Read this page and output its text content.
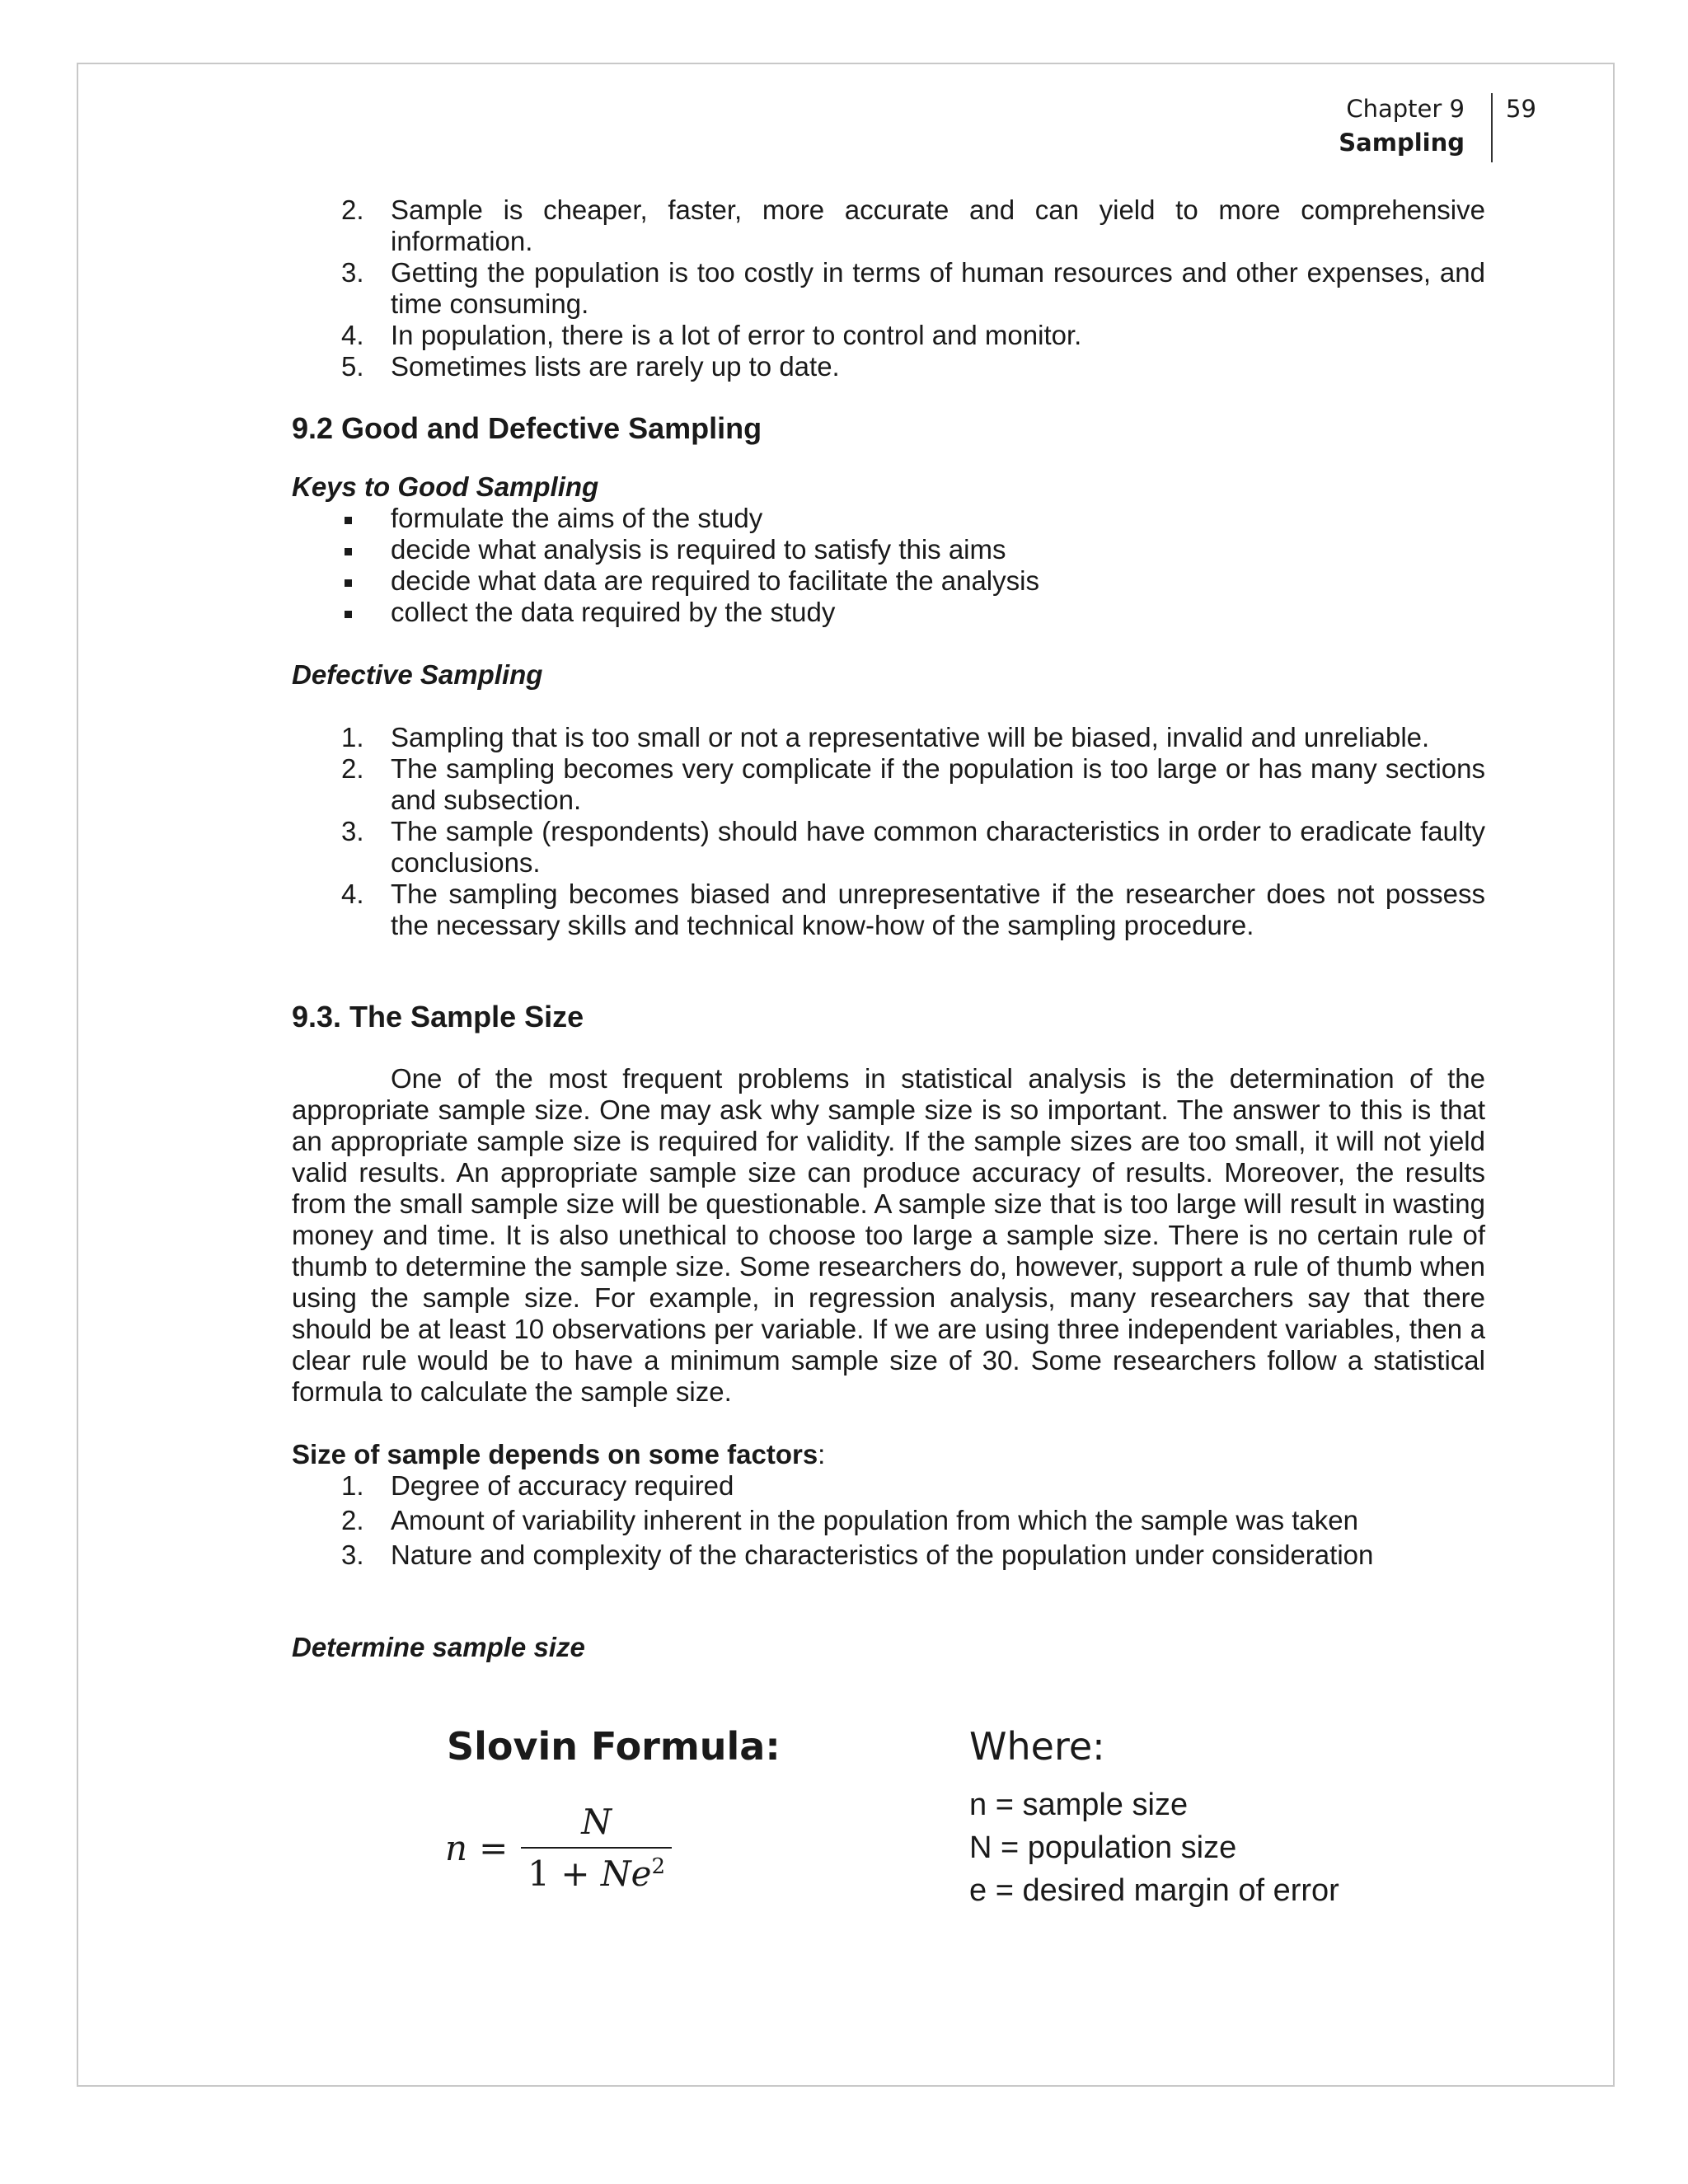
Chapter 9
Sampling
59
2. Sample is cheaper, faster, more accurate and can yield to more comprehensive information.
3. Getting the population is too costly in terms of human resources and other expenses, and time consuming.
4. In population, there is a lot of error to control and monitor.
5. Sometimes lists are rarely up to date.
9.2 Good and Defective Sampling
Keys to Good Sampling
formulate the aims of the study
decide what analysis is required to satisfy this aims
decide what data are required to facilitate the analysis
collect the data required by the study
Defective Sampling
1. Sampling that is too small or not a representative will be biased, invalid and unreliable.
2. The sampling becomes very complicate if the population is too large or has many sections and subsection.
3. The sample (respondents) should have common characteristics in order to eradicate faulty conclusions.
4. The sampling becomes biased and unrepresentative if the researcher does not possess the necessary skills and technical know-how of the sampling procedure.
9.3. The Sample Size

One of the most frequent problems in statistical analysis is the determination of the appropriate sample size. One may ask why sample size is so important. The answer to this is that an appropriate sample size is required for validity. If the sample sizes are too small, it will not yield valid results. An appropriate sample size can produce accuracy of results. Moreover, the results from the small sample size will be questionable. A sample size that is too large will result in wasting money and time. It is also unethical to choose too large a sample size. There is no certain rule of thumb to determine the sample size. Some researchers do, however, support a rule of thumb when using the sample size. For example, in regression analysis, many researchers say that there should be at least 10 observations per variable. If we are using three independent variables, then a clear rule would be to have a minimum sample size of 30. Some researchers follow a statistical formula to calculate the sample size.

Size of sample depends on some factors:
1. Degree of accuracy required
2. Amount of variability inherent in the population from which the sample was taken
3. Nature and complexity of the characteristics of the population under consideration
Determine sample size
Slovin Formula:
$n = \frac{N}{1 + Ne^2}$
Where:
n = sample size
N = population size
e = desired margin of error
